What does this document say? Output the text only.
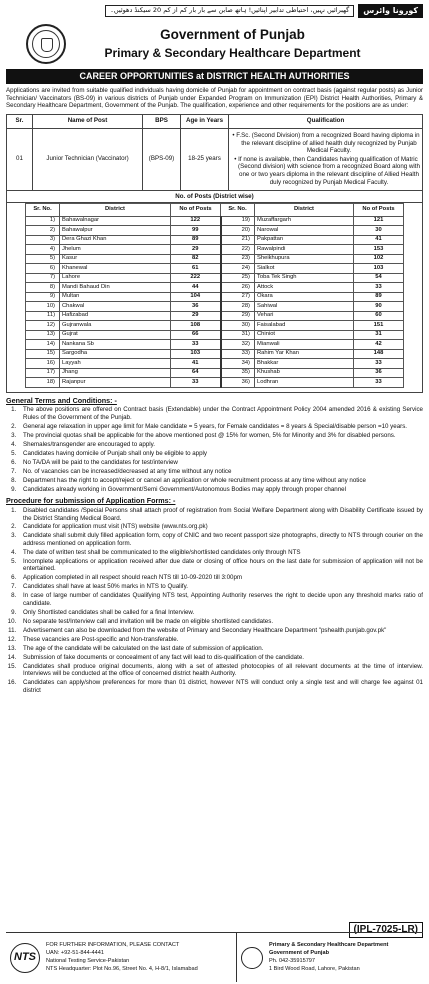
گھبرائیں نہیں، احتیاطی تدابیر اپنائیں! ہاتھ صابن سے بار بار کم از کم 20 سیکنڈ دھوئیں۔	کورونا وائرس
Government of Punjab
Primary & Secondary Healthcare Department
CAREER OPPORTUNITIES at DISTRICT HEALTH AUTHORITIES

Applications are invited from suitable qualified individuals having domicile of Punjab for appointment on contract basis (against regular posts) as Junior Technician/ Vaccinators (BS-09) in various districts of Punjab under Expanded Program on Immunization (EPI) District Health Authorities, Primary & Secondary Healthcare Department, Government of the Punjab. The qualification, experience and other requirements for the positions are as under:

Sr.	Name of Post	BPS	Age in Years	Qualification
01	Junior Technician (Vaccinator)	(BPS-09)	18-25 years	• F.Sc. (Second Division) from a recognized Board having diploma in the relevant discipline of allied health duly recognized by Punjab Medical Faculty.

• If none is available, then Candidates having qualification of Matric (Second division) with science from a recognized Board along with one or two years diploma in the relevant discipline of Allied Health duly recognized by Punjab Medical Faculty.

No. of Posts (District wise)
Sr. No.	District	No of Posts	Sr. No.	District	No of Posts
1)	Bahawalnagar	122	19)	Muzaffargarh	121
2)	Bahawalpur	99	20)	Narowal	30
3)	Dera Ghazi Khan	89	21)	Pakpattan	41
4)	Jhelum	29	22)	Rawalpindi	153
5)	Kasur	82	23)	Sheikhupura	102
6)	Khanewal	61	24)	Sialkot	103
7)	Lahore	222	25)	Toba Tek Singh	54
8)	Mandi Bahaud Din	44	26)	Attock	33
9)	Multan	104	27)	Okara	89
10)	Chakwal	36	28)	Sahiwal	90
11)	Hafizabad	29	29)	Vehari	60
12)	Gujranwala	108	30)	Faisalabad	151
13)	Gujrat	66	31)	Chiniot	31
14)	Nankana Sb	33	32)	Mianwali	42
15)	Sargodha	103	33)	Rahim Yar Khan	148
16)	Layyah	41	34)	Bhakkar	33
17)	Jhang	64	35)	Khushab	36
18)	Rajanpur	33	36)	Lodhran	33
General Terms and Conditions: -
1. The above positions are offered on Contract basis (Extendable) under the Contract Appointment Policy 2004 amended 2016 & existing Service Rules of the Government of the Punjab.
2. General age relaxation in upper age limit for Male candidate = 5 years, for Female candidates = 8 years & Special/disable person =10 years.
3. The provincial quotas shall be applicable for the above mentioned post @ 15% for women, 5% for Minority and 3% for disabled persons.
4. Shemales/transgender are encouraged to apply.
5. Candidates having domicile of Punjab shall only be eligible to apply
6. No TA/DA will be paid to the candidates for test/interview
7. No. of vacancies can be increased/decreased at any time without any notice
8. Department has the right to accept/reject or cancel an application or whole recruitment process at any time without any notice
9. Candidates already working in Government/Semi Government/Autonomous Bodies may apply through proper channel
Procedure for submission of Application Forms: -
1. Disabled candidates /Special Persons shall attach proof of registration from Social Welfare Department along with Disability Certificate issued by the District Standing Medical Board.
2. Candidate for application must visit (NTS) website (www.nts.org.pk)
3. Candidate shall submit duly filled application form, copy of CNIC and two recent passport size photographs, directly to NTS through courier on the address mentioned on application form.
4. The date of written test shall be communicated to the eligible/shortlisted candidates only through NTS
5. Incomplete applications or application received after due date or closing of office hours on the last date for submission of application will not be entertained.
6. Application completed in all respect should reach NTS till 10-09-2020 till 3:00pm
7. Candidates shall have at least 50% marks in NTS to Qualify.
8. In case of large number of candidates Qualifying NTS test, Appointing Authority reserves the right to decide upon any threshold marks ratio of candidate.
9. Only Shortlisted candidates shall be called for a final Interview.
10. No separate test/Interview call and invitation will be made on eligible shortlisted candidates.
11. Advertisement can also be downloaded from the website of Primary and Secondary Healthcare Department "pshealth.punjab.gov.pk"
12. These vacancies are Post-specific and Non-transferable.
13. The age of the candidate will be calculated on the last date of submission of application.
14. Submission of fake documents or concealment of any fact will lead to dis-qualification of the candidate.
15. Candidates shall produce original documents, along with a set of attested photocopies of all relevant documents at the time of interview. Interviews will be conducted at the office of concerned district health Authority.
16. Candidates can apply/show preferences for more than 01 district, however NTS will conduct only a single test and will charge fee against 01 district
(IPL-7025-LR)
NTS

FOR FURTHER INFORMATION, PLEASE CONTACT

UAN: +92-51-844-4441

National Testing Service-Pakistan

NTS Headquarter: Plot No.96, Street No. 4, H-8/1, Islamabad

Primary & Secondary Healthcare Department

Government of Punjab

Ph. 042-35915797

1 Bird Wood Road, Lahore, Pakistan
